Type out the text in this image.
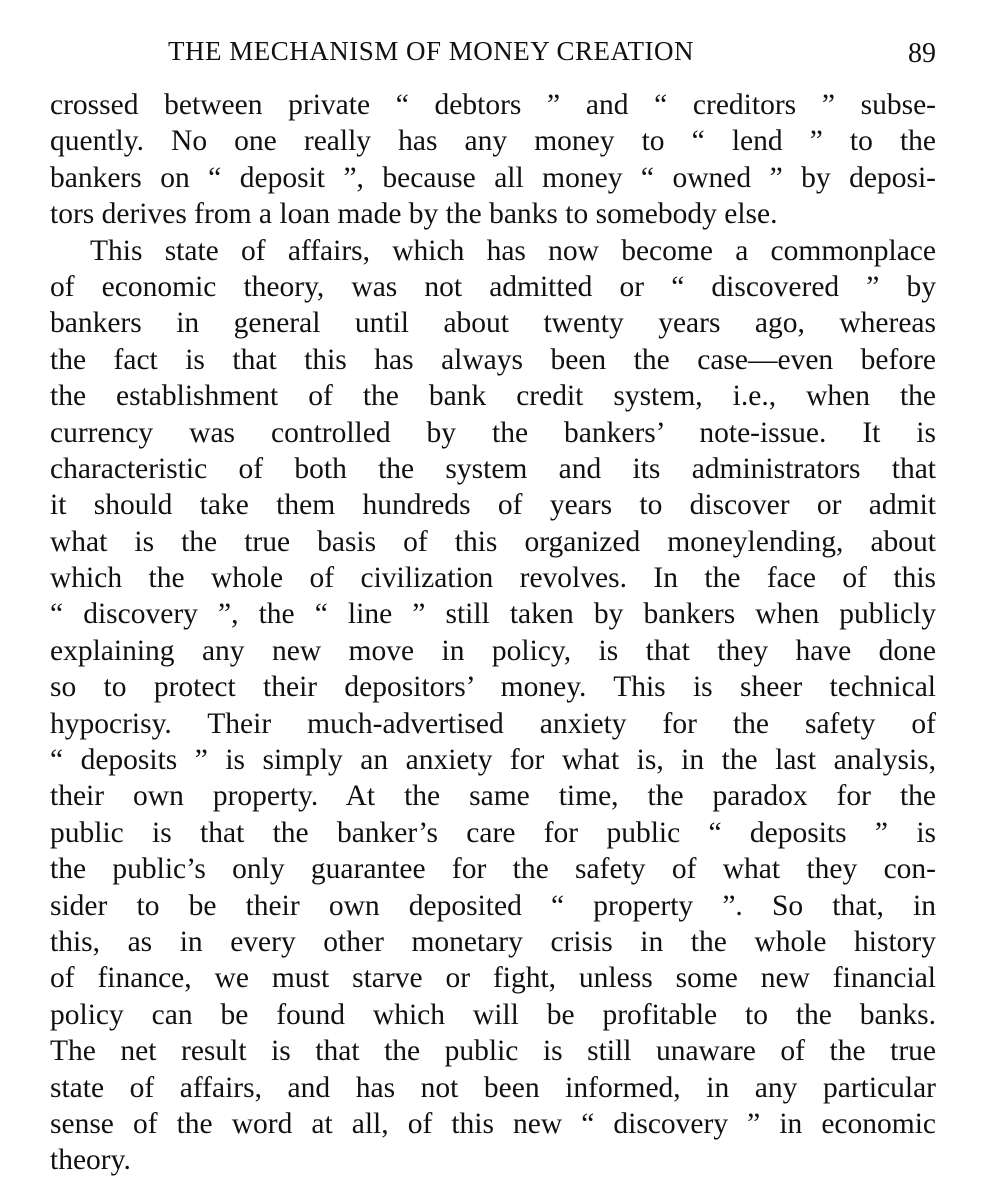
THE MECHANISM OF MONEY CREATION	89
crossed between private “ debtors ” and “ creditors ” subse-
quently. No one really has any money to “ lend ” to the
bankers on “ deposit ”, because all money “ owned ” by deposi-
tors derives from a loan made by the banks to somebody else.
This state of affairs, which has now become a commonplace
of economic theory, was not admitted or “ discovered ” by
bankers in general until about twenty years ago, whereas
the fact is that this has always been the case—even before
the establishment of the bank credit system, i.e., when the
currency was controlled by the bankers’ note-issue. It is
characteristic of both the system and its administrators that
it should take them hundreds of years to discover or admit
what is the true basis of this organized moneylending, about
which the whole of civilization revolves. In the face of this
“ discovery ”, the “ line ” still taken by bankers when publicly
explaining any new move in policy, is that they have done
so to protect their depositors’ money. This is sheer technical
hypocrisy. Their much-advertised anxiety for the safety of
“ deposits ” is simply an anxiety for what is, in the last analysis,
their own property. At the same time, the paradox for the
public is that the banker’s care for public “ deposits ” is
the public’s only guarantee for the safety of what they con-
sider to be their own deposited “ property ”. So that, in
this, as in every other monetary crisis in the whole history
of finance, we must starve or fight, unless some new financial
policy can be found which will be profitable to the banks.
The net result is that the public is still unaware of the true
state of affairs, and has not been informed, in any particular
sense of the word at all, of this new “ discovery ” in economic
theory.
